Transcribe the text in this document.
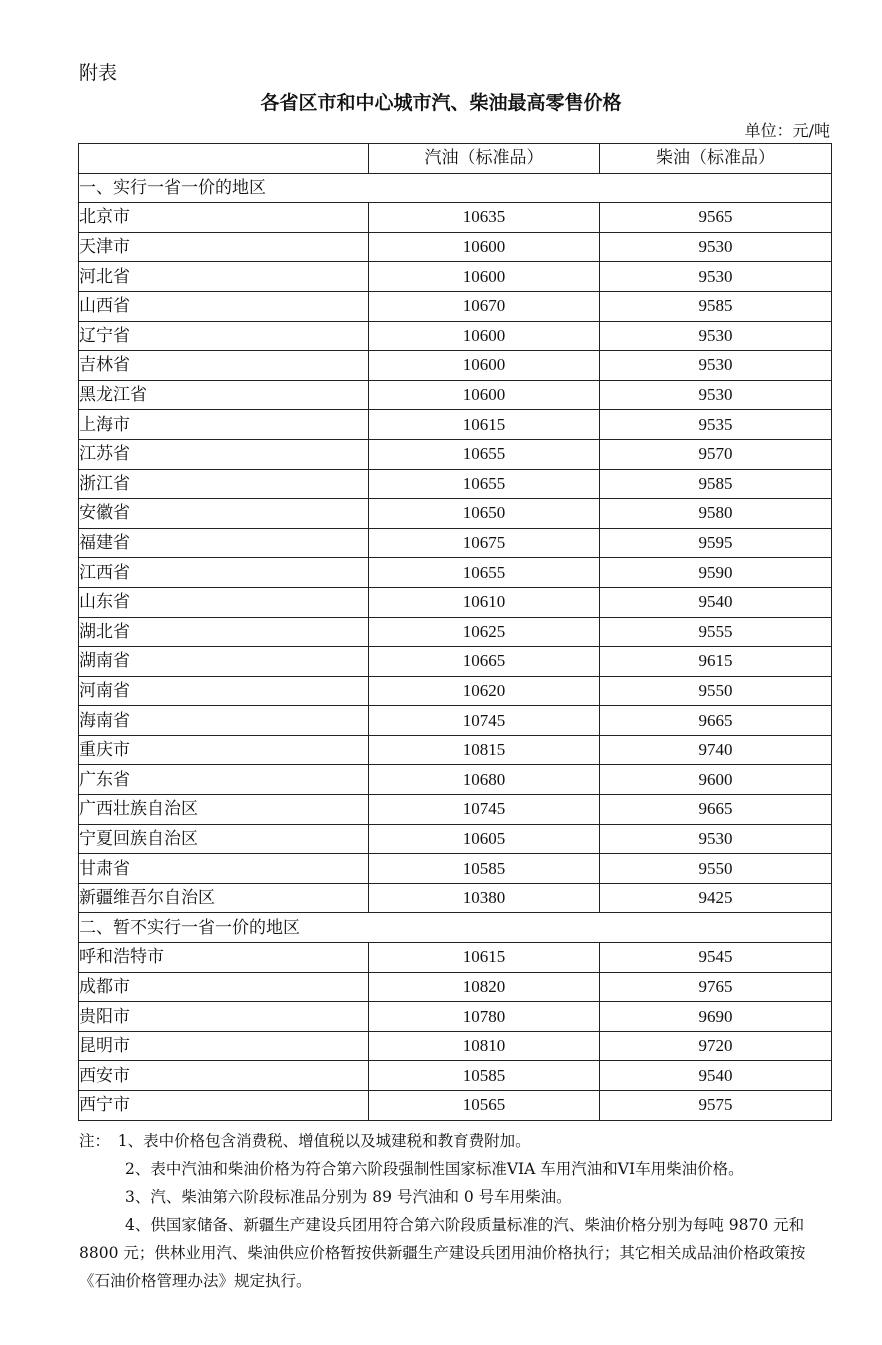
附表
各省区市和中心城市汽、柴油最高零售价格
单位：元/吨
	汽油（标准品）	柴油（标准品）
一、实行一省一价的地区		
北京市	10635	9565
天津市	10600	9530
河北省	10600	9530
山西省	10670	9585
辽宁省	10600	9530
吉林省	10600	9530
黑龙江省	10600	9530
上海市	10615	9535
江苏省	10655	9570
浙江省	10655	9585
安徽省	10650	9580
福建省	10675	9595
江西省	10655	9590
山东省	10610	9540
湖北省	10625	9555
湖南省	10665	9615
河南省	10620	9550
海南省	10745	9665
重庆市	10815	9740
广东省	10680	9600
广西壮族自治区	10745	9665
宁夏回族自治区	10605	9530
甘肃省	10585	9550
新疆维吾尔自治区	10380	9425
二、暂不实行一省一价的地区		
呼和浩特市	10615	9545
成都市	10820	9765
贵阳市	10780	9690
昆明市	10810	9720
西安市	10585	9540
西宁市	10565	9575

注：　1、表中价格包含消费税、增值税以及城建税和教育费附加。

2、表中汽油和柴油价格为符合第六阶段强制性国家标准VIA 车用汽油和VI车用柴油价格。

3、汽、柴油第六阶段标准品分别为 89 号汽油和 0 号车用柴油。

4、供国家储备、新疆生产建设兵团用符合第六阶段质量标准的汽、柴油价格分别为每吨 9870 元和 8800 元；供林业用汽、柴油供应价格暂按供新疆生产建设兵团用油价格执行；其它相关成品油价格政策按《石油价格管理办法》规定执行。
